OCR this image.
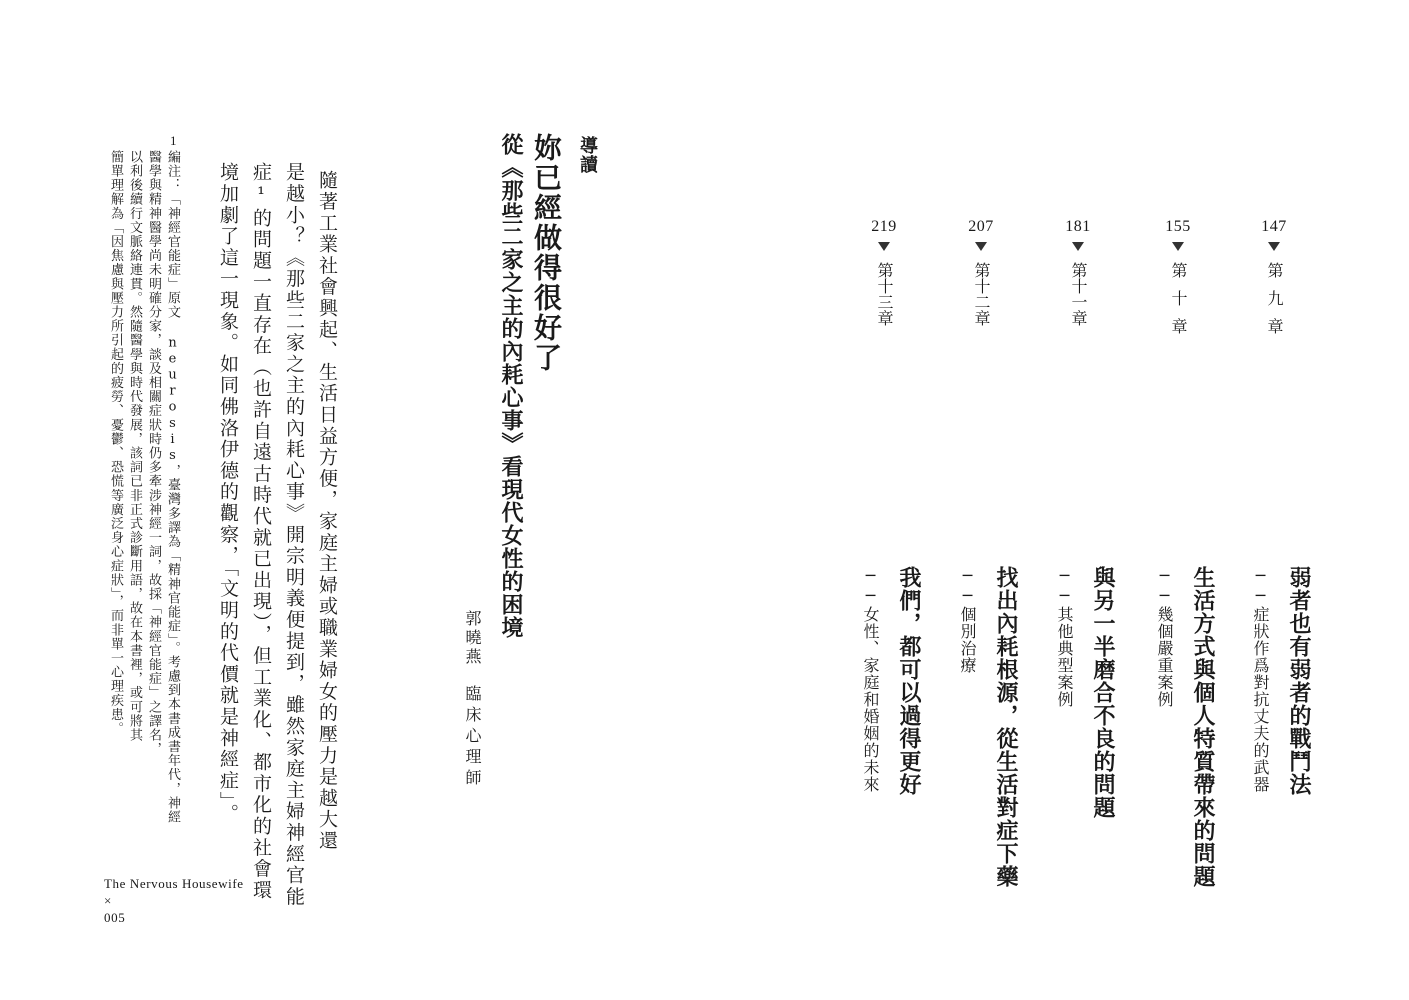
導讀
妳已經做得很好了
從《那些二家之主的內耗心事》看現代女性的困境
郭曉燕
臨床心理師
隨著工業社會興起、生活日益方便，家庭主婦或職業婦女的壓力是越大還
是越小？《那些二家之主的內耗心事》開宗明義便提到，雖然家庭主婦神經官能
症¹的問題一直存在（也許自遠古時代就已出現），但工業化、都市化的社會環
境加劇了這一現象。如同佛洛伊德的觀察，「文明的代價就是神經症」。
1
編注：「神經官能症」原文 neurosis，臺灣多譯為「精神官能症」。考慮到本書成書年代，神經
醫學與精神醫學尚未明確分家，談及相關症狀時仍多牽涉神經一詞，故採「神經官能症」之譯名，
以利後續行文脈絡連貫。然隨醫學與時代發展，該詞已非正式診斷用語，故在本書裡，或可將其
簡單理解為「因焦慮與壓力所引起的疲勞、憂鬱、恐慌等廣泛身心症狀」，而非單一心理疾患。
The Nervous Housewife
×
005
147
第九章
弱者也有弱者的戰鬥法
──症狀作爲對抗丈夫的武器
155
第十章
生活方式與個人特質帶來的問題
──幾個嚴重案例
181
第十一章
與另一半磨合不良的問題
──其他典型案例
207
第十二章
找出內耗根源，從生活對症下藥
──個別治療
219
第十三章
我們，都可以過得更好
──女性、家庭和婚姻的未來
